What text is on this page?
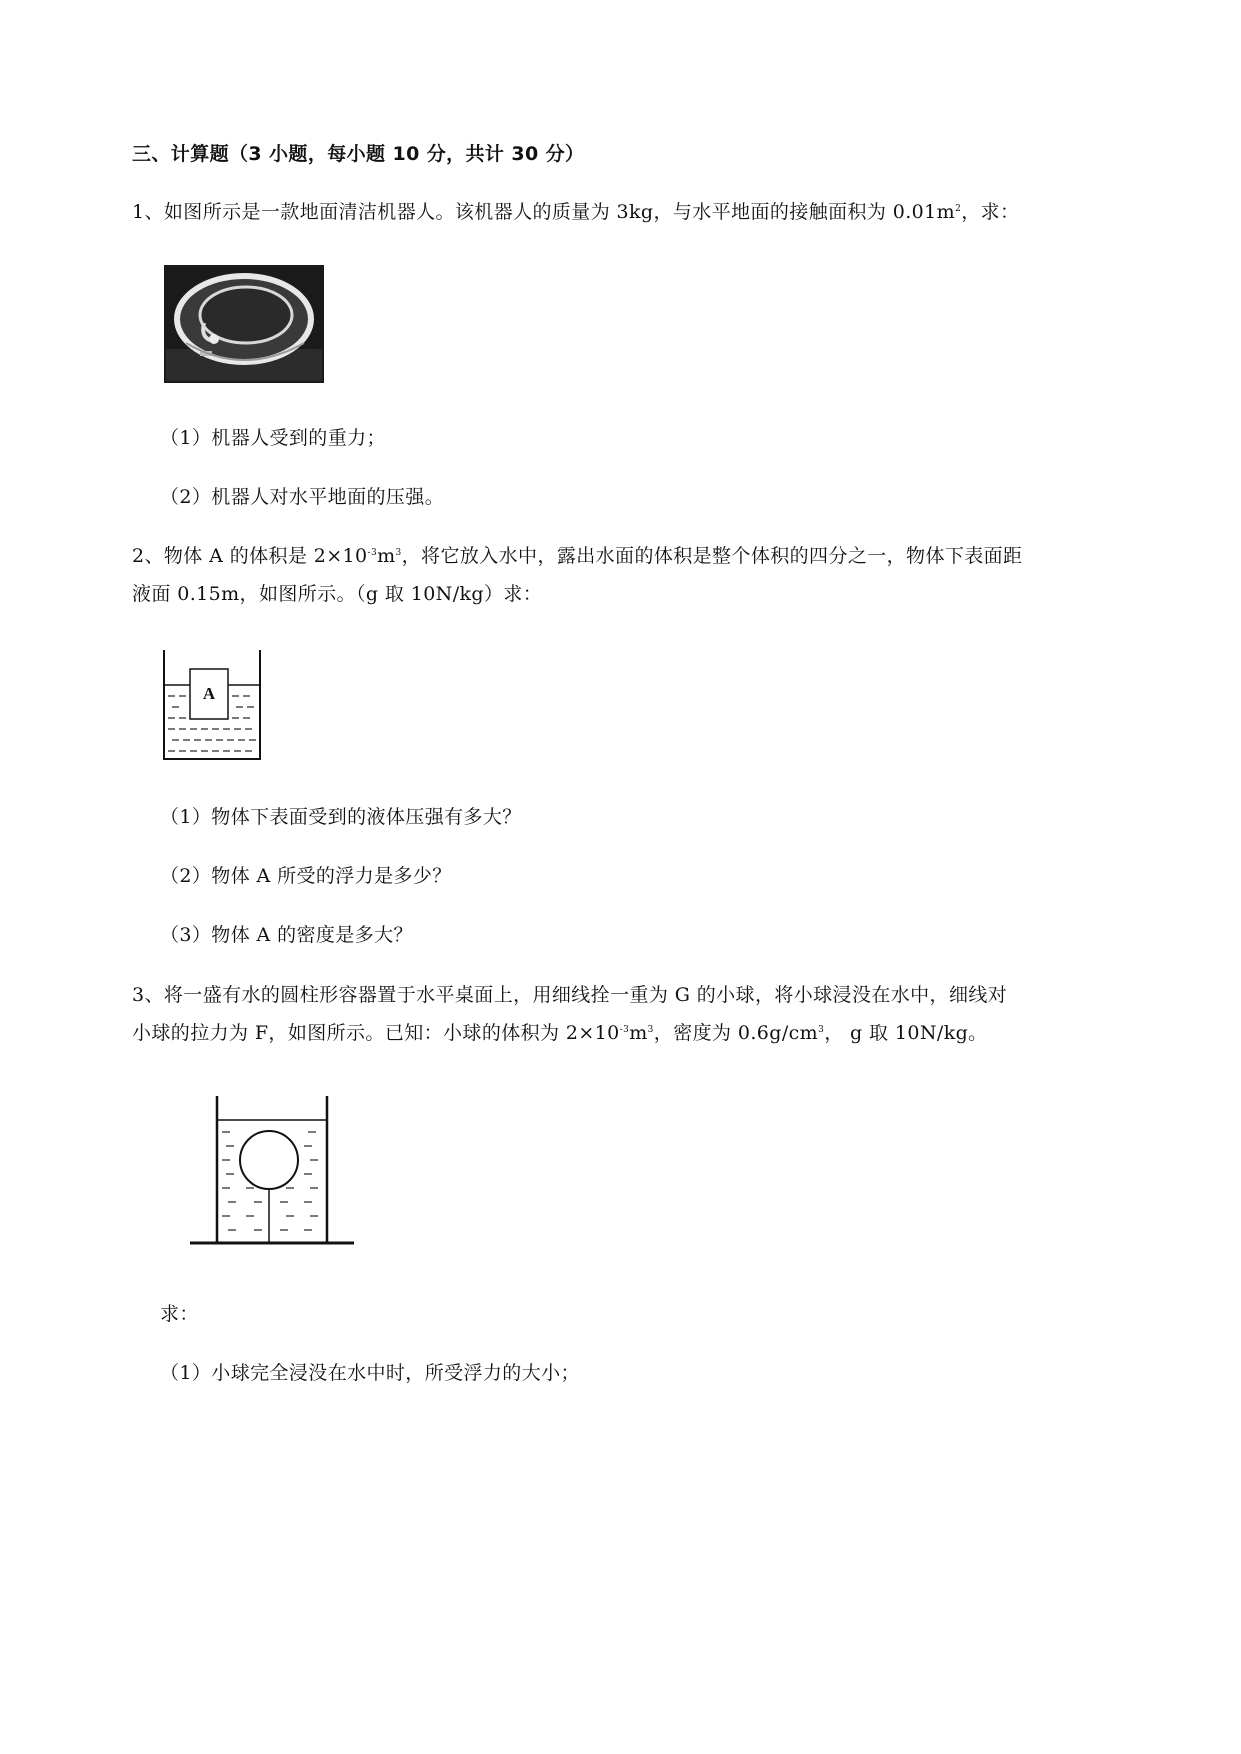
三、计算题（3 小题，每小题 10 分，共计 30 分）
1、如图所示是一款地面清洁机器人。该机器人的质量为 3kg，与水平地面的接触面积为 $0.01m^2$，求：
（1）机器人受到的重力；
（2）机器人对水平地面的压强。
2、物体 A 的体积是 $2\times 10^{-3}m^3$，将它放入水中，露出水面的体积是整个体积的四分之一，物体下表面距
液面 0.15m，如图所示。（g 取 10N/kg）求：
A
（1）物体下表面受到的液体压强有多大？
（2）物体 A 所受的浮力是多少？
（3）物体 A 的密度是多大？
3、将一盛有水的圆柱形容器置于水平桌面上，用细线拴一重为 G 的小球，将小球浸没在水中，细线对
小球的拉力为 F，如图所示。已知：小球的体积为 $2\times 10^{-3}m^3$，密度为 $0.6g/cm^3$， g 取 10N/kg。
求：
（1）小球完全浸没在水中时，所受浮力的大小；
